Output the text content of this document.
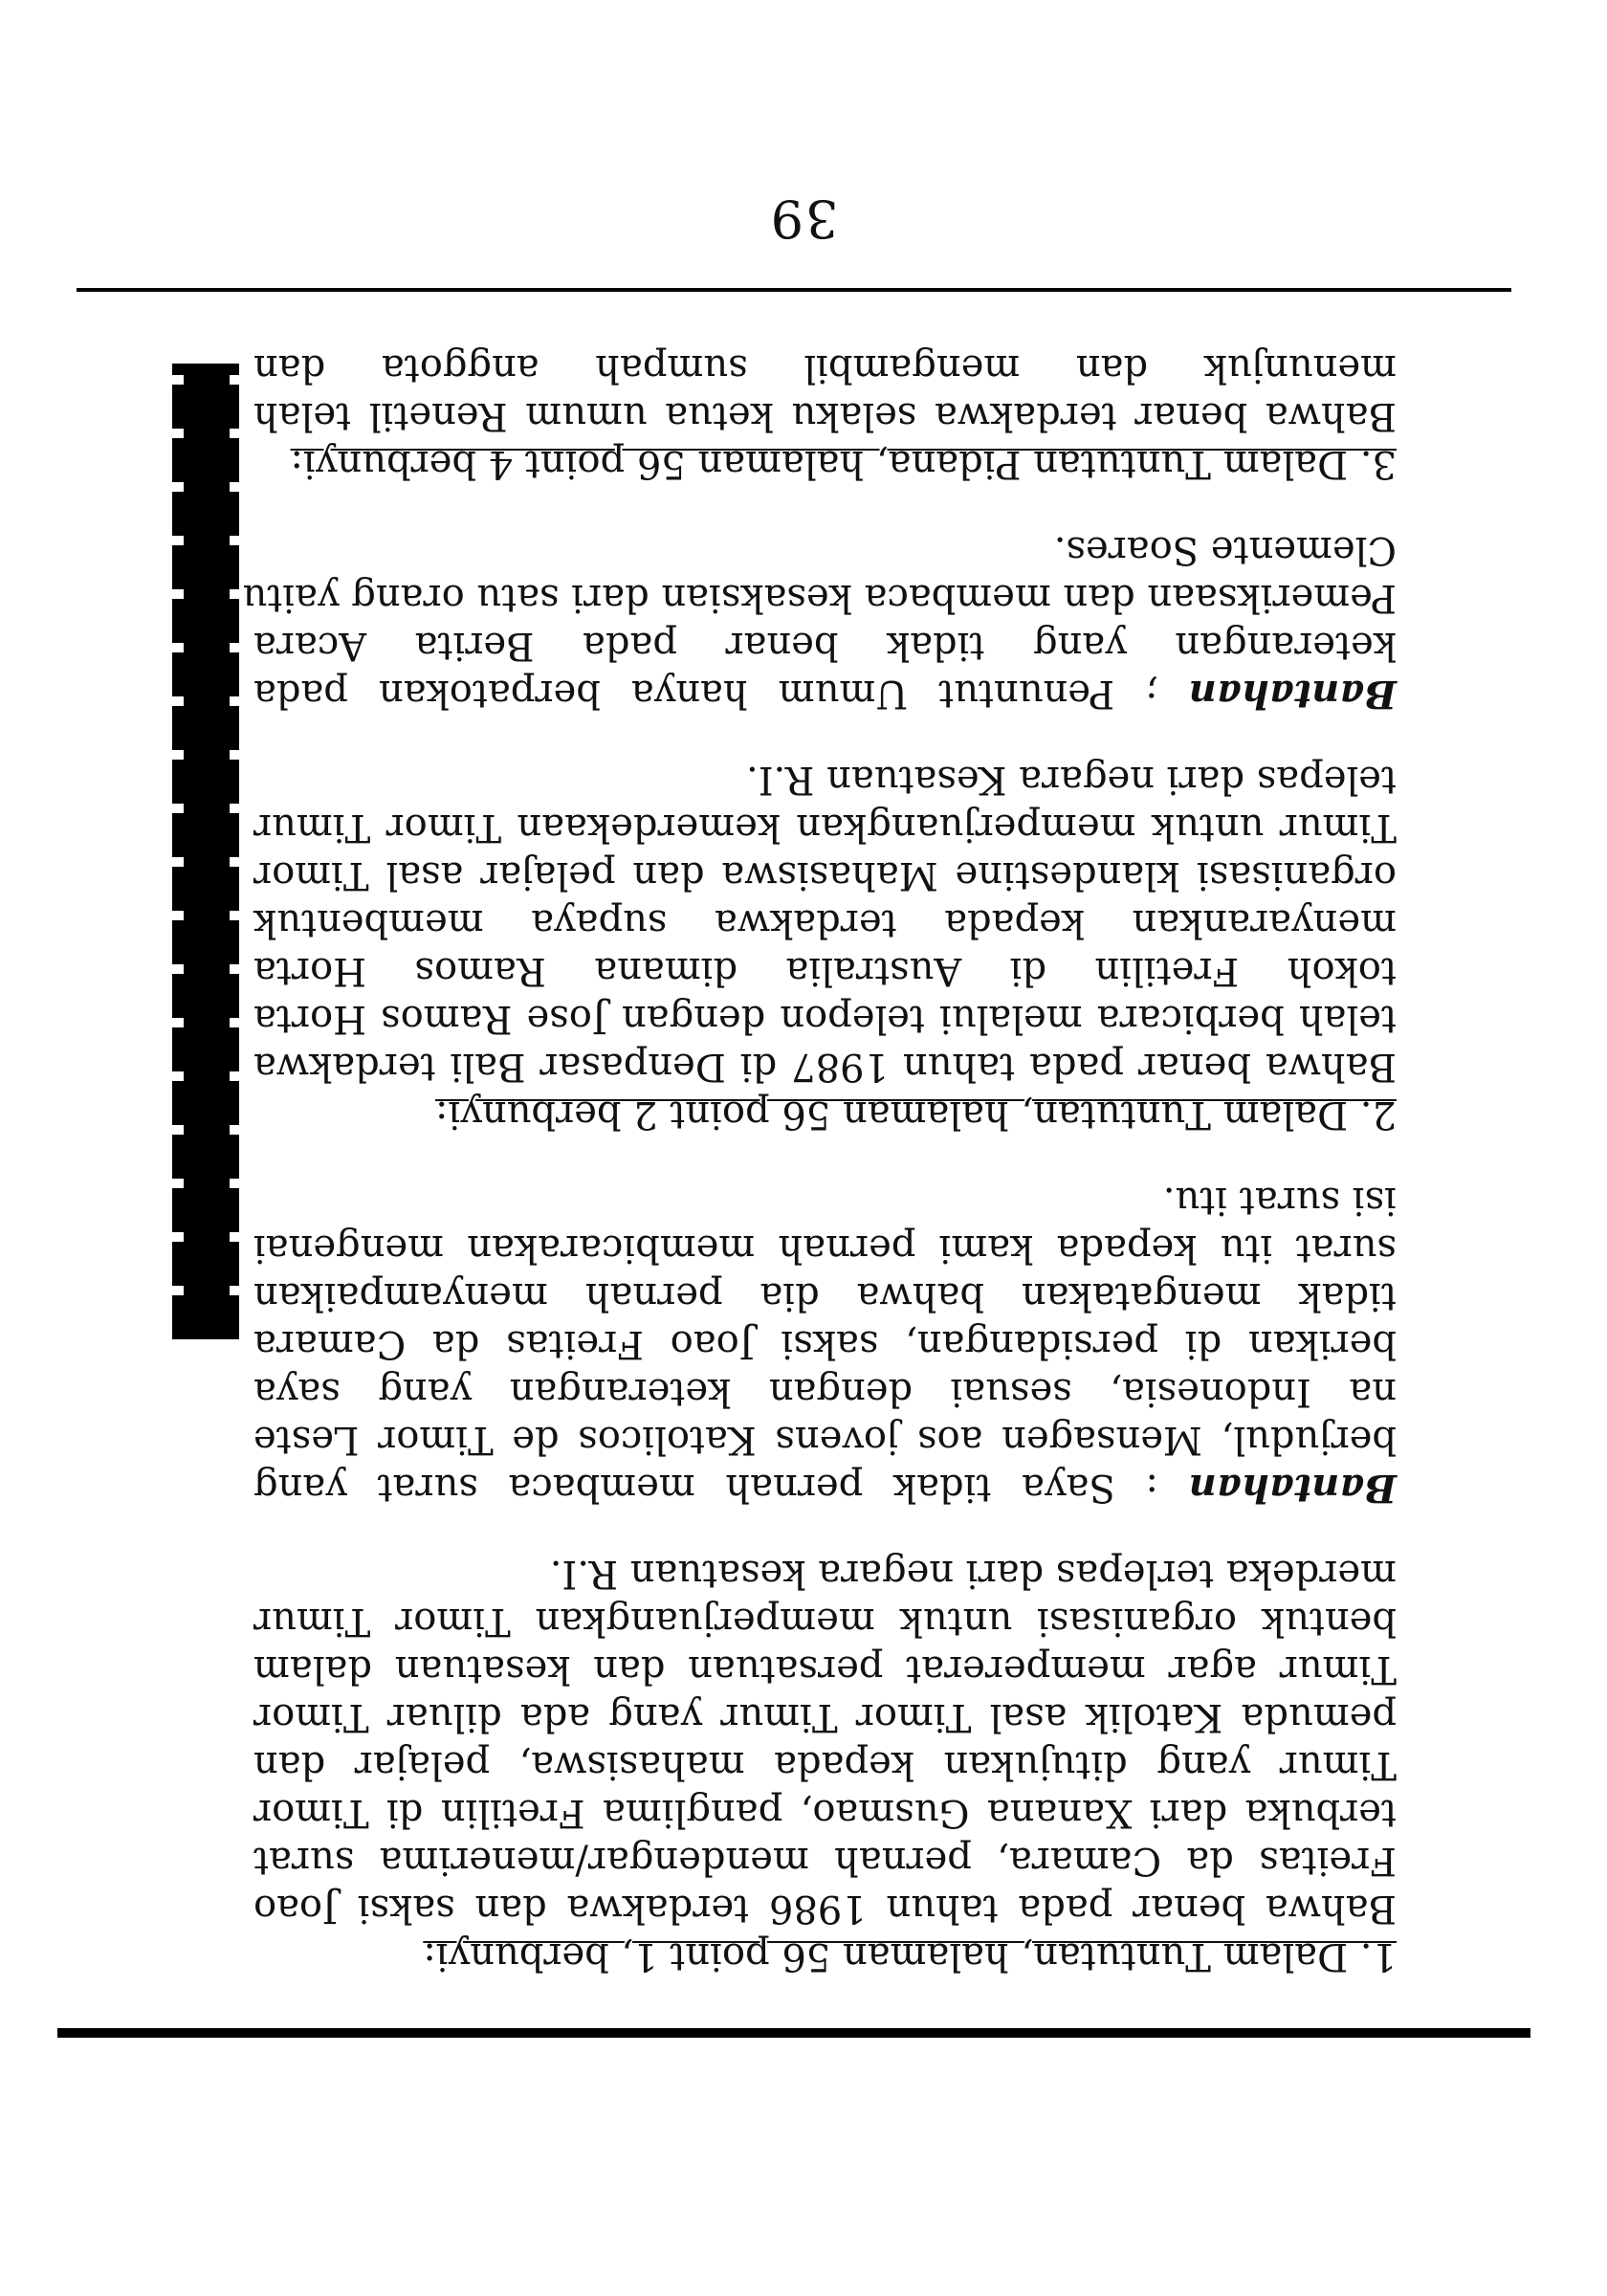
1. Dalam Tuntutan, halaman 56 point 1, berbunyi:

Bahwa benar pada tahun 1986 terdakwa dan saksi Joao

Freitas da Camara, pernah mendengar/menerima surat

terbuka dari Xanana Gusmao, panglima Fretilin di Timor

Timur yang ditujukan kepada mahasiswa, pelajar dan

pemuda Katolik asal Timor Timur yang ada diluar Timor

Timur agar mempererat persatuan dan kesatuan dalam

bentuk organisasi untuk memperjuangkan Timor Timur

merdeka terlepas dari negara kesatuan R.I.

Bantahan : Saya tidak pernah membaca surat yang

berjudul, Mensagen aos jovens Katolicos de Timor Leste

na Indonesia, sesuai dengan keterangan yang saya

berikan di persidangan, saksi Joao Freitas da Camara

tidak mengatakan bahwa dia pernah menyampaikan

surat itu kepada kami pernah membicarakan mengenai

isi surat itu.

2. Dalam Tuntutan, halaman 56 point 2 berbunyi:

Bahwa benar pada tahun 1987 di Denpasar Bali terdakwa

telah berbicara melalui telepon dengan Jose Ramos Horta

tokoh Fretilin di Australia dimana Ramos Horta

menyarankan kepada terdakwa supaya membentuk

organisasi klandestine Mahasiswa dan pelajar asal Timor

Timur untuk memperjuangkan kemerdekaan Timor Timur

telepas dari negara Kesatuan R.I.

Bantahan ; Penuntut Umum hanya berpatokan pada

keterangan yang tidak benar pada Berita Acara

Pemeriksaan dan membaca kesaksian dari satu orang yaitu

Clemente Soares.

3. Dalam Tuntutan Pidana, halaman 56 point 4 berbunyi:

Bahwa benar terdakwa selaku ketua umum Renetil telah

menunjuk dan mengambil sumpah anggota dan

39
